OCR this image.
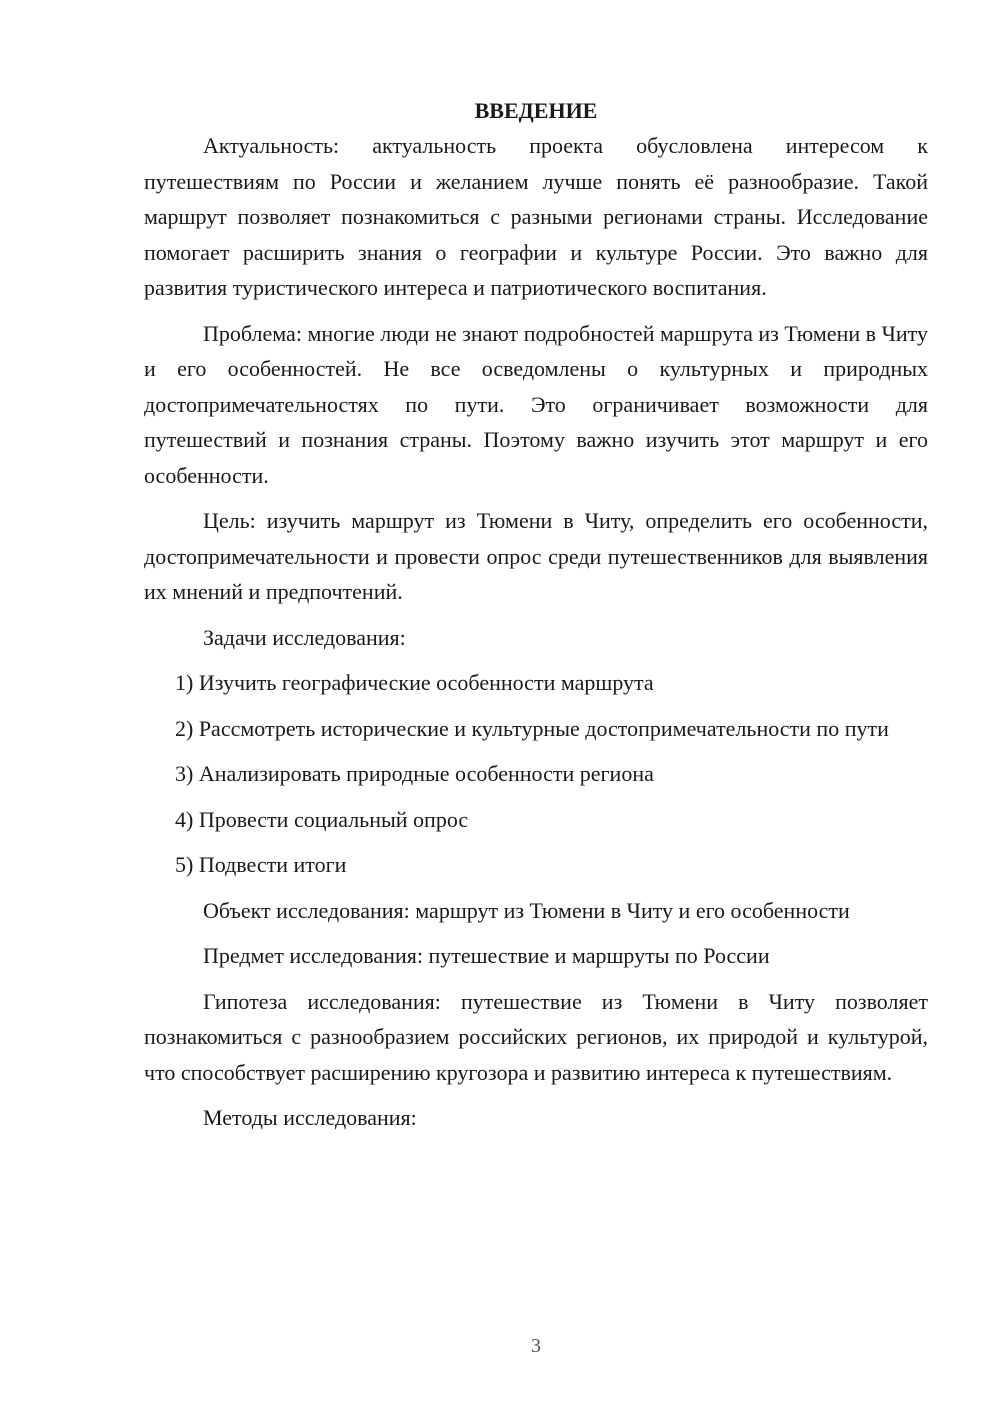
ВВЕДЕНИЕ

Актуальность: актуальность проекта обусловлена интересом к путешествиям по России и желанием лучше понять её разнообразие. Такой маршрут позволяет познакомиться с разными регионами страны. Исследование помогает расширить знания о географии и культуре России. Это важно для развития туристического интереса и патриотического воспитания.

Проблема: многие люди не знают подробностей маршрута из Тюмени в Читу и его особенностей. Не все осведомлены о культурных и природных достопримечательностях по пути. Это ограничивает возможности для путешествий и познания страны. Поэтому важно изучить этот маршрут и его особенности.

Цель: изучить маршрут из Тюмени в Читу, определить его особенности, достопримечательности и провести опрос среди путешественников для выявления их мнений и предпочтений.

Задачи исследования:

1) Изучить географические особенности маршрута

2) Рассмотреть исторические и культурные достопримечательности по пути

3) Анализировать природные особенности региона

4) Провести социальный опрос

5) Подвести итоги

Объект исследования: маршрут из Тюмени в Читу и его особенности

Предмет исследования: путешествие и маршруты по России

Гипотеза исследования: путешествие из Тюмени в Читу позволяет познакомиться с разнообразием российских регионов, их природой и культурой, что способствует расширению кругозора и развитию интереса к путешествиям.

Методы исследования:

3
